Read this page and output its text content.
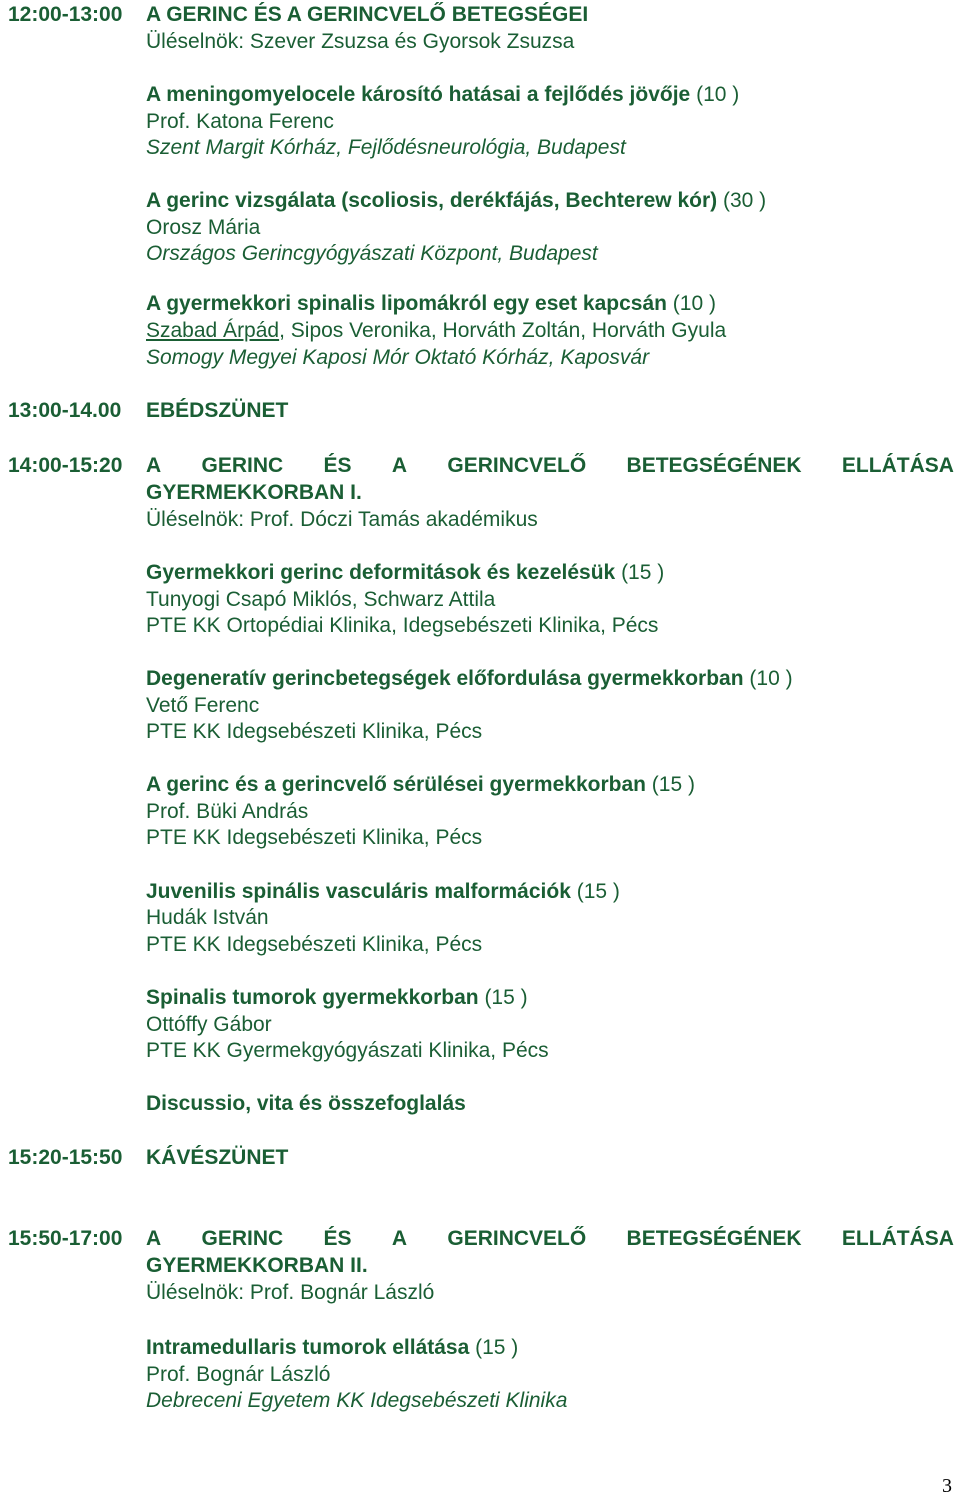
12:00-13:00 A GERINC ÉS A GERINCVELŐ BETEGSÉGEI
Üléselnök: Szever Zsuzsa és Gyorsok Zsuzsa
A meningomyelocele károsító hatásai a fejlődés jövője (10 )
Prof. Katona Ferenc
Szent Margit Kórház, Fejlődésneurológia, Budapest
A gerinc vizsgálata (scoliosis, derékfájás, Bechterew kór) (30 )
Orosz Mária
Országos Gerincgyógyászati Központ, Budapest
A gyermekkori spinalis lipomákról egy eset kapcsán (10 )
Szabad Árpád, Sipos Veronika, Horváth Zoltán, Horváth Gyula
Somogy Megyei Kaposi Mór Oktató Kórház, Kaposvár
13:00-14.00 EBÉDSZÜNET
14:00-15:20 A GERINC ÉS A GERINCVELŐ BETEGSÉGÉNEK ELLÁTÁSA
GYERMEKKORBAN I.
Üléselnök: Prof. Dóczi Tamás akadémikus
Gyermekkori gerinc deformitások és kezelésük (15 )
Tunyogi Csapó Miklós, Schwarz Attila
PTE KK Ortopédiai Klinika, Idegsebészeti Klinika, Pécs
Degeneratív gerincbetegségek előfordulása gyermekkorban (10 )
Vető Ferenc
PTE KK Idegsebészeti Klinika, Pécs
A gerinc és a gerincvelő sérülései gyermekkorban (15 )
Prof. Büki András
PTE KK Idegsebészeti Klinika, Pécs
Juvenilis spinális vasculáris malformációk (15 )
Hudák István
PTE KK Idegsebészeti Klinika, Pécs
Spinalis tumorok gyermekkorban (15 )
Ottóffy Gábor
PTE KK Gyermekgyógyászati Klinika, Pécs
Discussio, vita és összefoglalás
15:20-15:50 KÁVÉSZÜNET
15:50-17:00 A GERINC ÉS A GERINCVELŐ BETEGSÉGÉNEK ELLÁTÁSA
GYERMEKKORBAN II.
Üléselnök: Prof. Bognár László
Intramedullaris tumorok ellátása (15 )
Prof. Bognár László
Debreceni Egyetem KK Idegsebészeti Klinika
3
